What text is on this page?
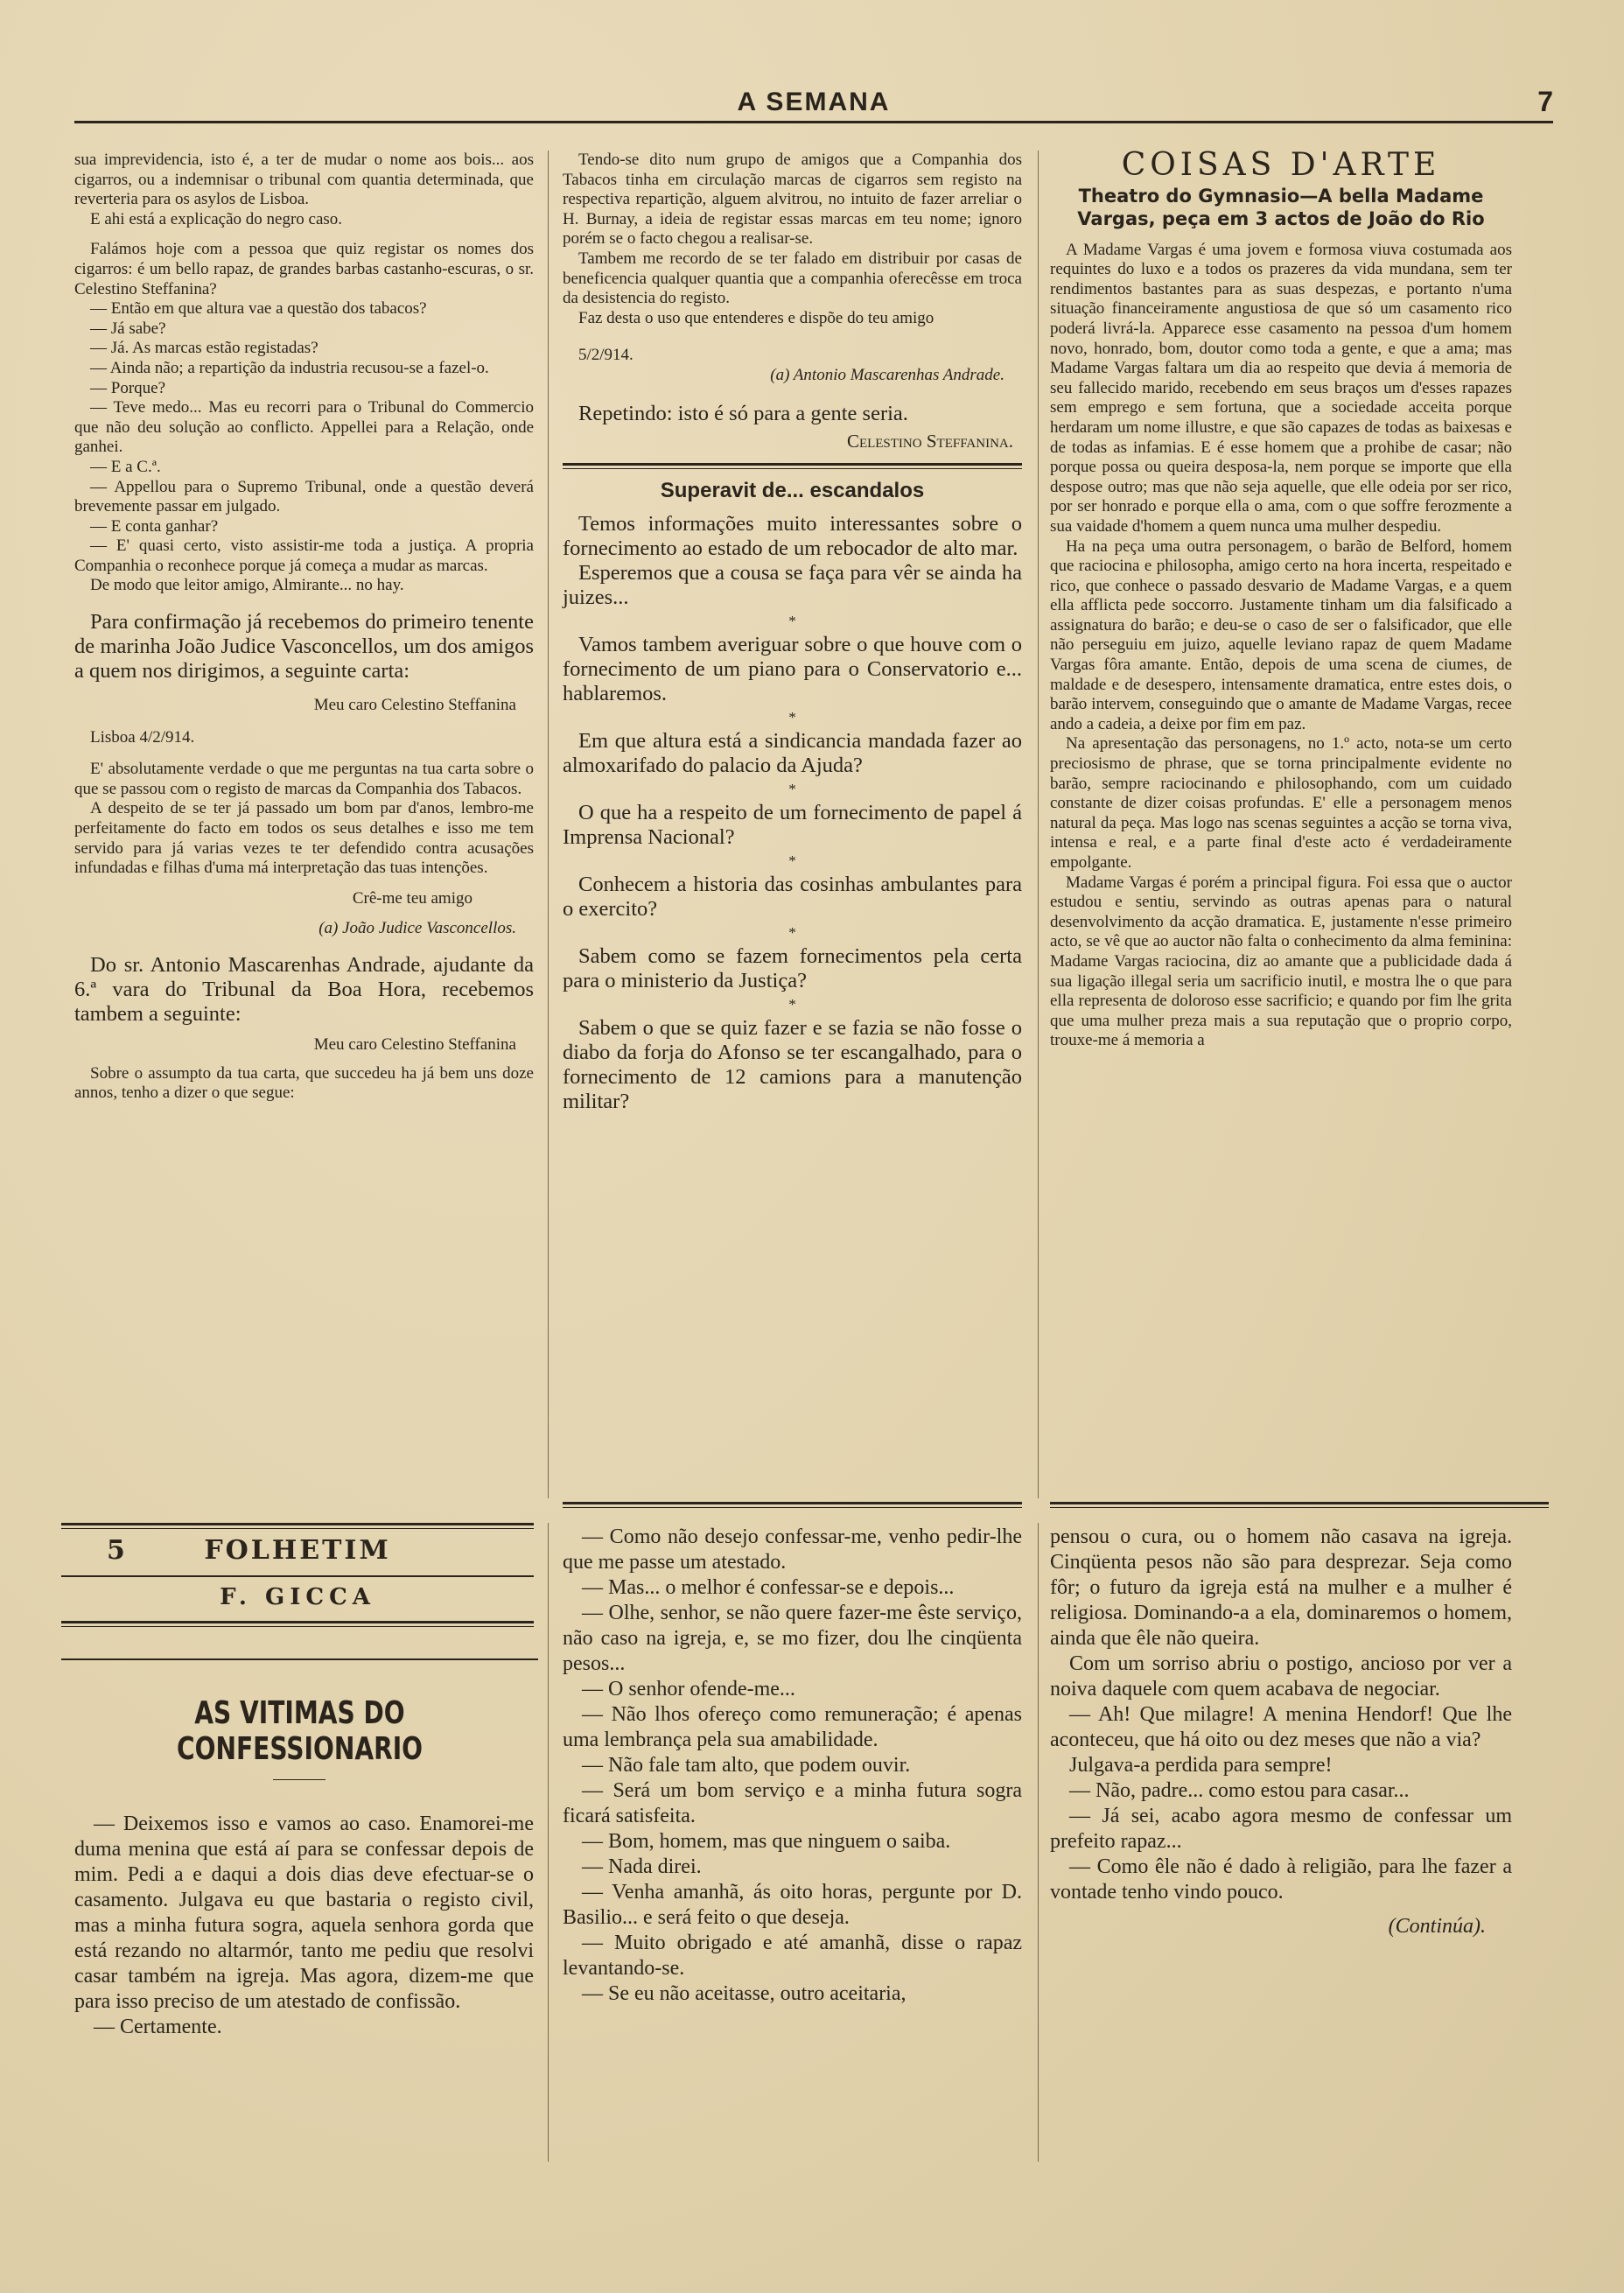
A SEMANA	7

sua imprevidencia, isto é, a ter de mudar o nome aos bois... aos cigarros, ou a indemnisar o tribunal com quantia determinada, que reverteria para os asylos de Lisboa.

E ahi está a explicação do negro caso.

Falámos hoje com a pessoa que quiz registar os nomes dos cigarros: é um bello rapaz, de grandes barbas castanho-escuras, o sr. Celestino Steffanina?

— Então em que altura vae a questão dos tabacos?

— Já sabe?

— Já. As marcas estão registadas?

— Ainda não; a repartição da industria recusou-se a fazel-o.

— Porque?

— Teve medo... Mas eu recorri para o Tribunal do Commercio que não deu solução ao conflicto. Appellei para a Relação, onde ganhei.

— E a C.ª.

— Appellou para o Supremo Tribunal, onde a questão deverá brevemente passar em julgado.

— E conta ganhar?

— E' quasi certo, visto assistir-me toda a justiça. A propria Companhia o reconhece porque já começa a mudar as marcas.

De modo que leitor amigo, Almirante... no hay.

Para confirmação já recebemos do primeiro tenente de marinha João Judice Vasconcellos, um dos amigos a quem nos dirigimos, a seguinte carta:

Meu caro Celestino Steffanina

Lisboa 4/2/914.

E' absolutamente verdade o que me perguntas na tua carta sobre o que se passou com o registo de marcas da Companhia dos Tabacos.

A despeito de se ter já passado um bom par d'anos, lembro-me perfeitamente do facto em todos os seus detalhes e isso me tem servido para já varias vezes te ter defendido contra acusações infundadas e filhas d'uma má interpretação das tuas intenções.

Crê-me teu amigo

(a) João Judice Vasconcellos.

Do sr. Antonio Mascarenhas Andrade, ajudante da 6.ª vara do Tribunal da Boa Hora, recebemos tambem a seguinte:

Meu caro Celestino Steffanina

Sobre o assumpto da tua carta, que succedeu ha já bem uns doze annos, tenho a dizer o que segue:

Tendo-se dito num grupo de amigos que a Companhia dos Tabacos tinha em circulação marcas de cigarros sem registo na respectiva repartição, alguem alvitrou, no intuito de fazer arreliar o H. Burnay, a ideia de registar essas marcas em teu nome; ignoro porém se o facto chegou a realisar-se.

Tambem me recordo de se ter falado em distribuir por casas de beneficencia qualquer quantia que a companhia oferecêsse em troca da desistencia do registo.

Faz desta o uso que entenderes e dispõe do teu amigo

5/2/914.

(a) Antonio Mascarenhas Andrade.

Repetindo: isto é só para a gente seria.

Celestino Steffanina.

Superavit de... escandalos

Temos informações muito interessantes sobre o fornecimento ao estado de um rebocador de alto mar.

Esperemos que a cousa se faça para vêr se ainda ha juizes...

*

Vamos tambem averiguar sobre o que houve com o fornecimento de um piano para o Conservatorio e... hablaremos.

*

Em que altura está a sindicancia mandada fazer ao almoxarifado do palacio da Ajuda?

*

O que ha a respeito de um fornecimento de papel á Imprensa Nacional?

*

Conhecem a historia das cosinhas ambulantes para o exercito?

*

Sabem como se fazem fornecimentos pela certa para o ministerio da Justiça?

*

Sabem o que se quiz fazer e se fazia se não fosse o diabo da forja do Afonso se ter escangalhado, para o fornecimento de 12 camions para a manutenção militar?

COISAS D'ARTE
Theatro do Gymnasio—A bella Madame Vargas, peça em 3 actos de João do Rio

A Madame Vargas é uma jovem e formosa viuva costumada aos requintes do luxo e a todos os prazeres da vida mundana, sem ter rendimentos bastantes para as suas despezas, e portanto n'uma situação financeiramente angustiosa de que só um casamento rico poderá livrá-la. Apparece esse casamento na pessoa d'um homem novo, honrado, bom, doutor como toda a gente, e que a ama; mas Madame Vargas faltara um dia ao respeito que devia á memoria de seu fallecido marido, recebendo em seus braços um d'esses rapazes sem emprego e sem fortuna, que a sociedade acceita porque herdaram um nome illustre, e que são capazes de todas as baixesas e de todas as infamias. E é esse homem que a prohibe de casar; não porque possa ou queira desposa-la, nem porque se importe que ella despose outro; mas que não seja aquelle, que elle odeia por ser rico, por ser honrado e porque ella o ama, com o que soffre ferozmente a sua vaidade d'homem a quem nunca uma mulher despediu.

Ha na peça uma outra personagem, o barão de Belford, homem que raciocina e philosopha, amigo certo na hora incerta, respeitado e rico, que conhece o passado desvario de Madame Vargas, e a quem ella afflicta pede soccorro. Justamente tinham um dia falsificado a assignatura do barão; e deu-se o caso de ser o falsificador, que elle não perseguiu em juizo, aquelle leviano rapaz de quem Madame Vargas fôra amante. Então, depois de uma scena de ciumes, de maldade e de desespero, intensamente dramatica, entre estes dois, o barão intervem, conseguindo que o amante de Madame Vargas, recee ando a cadeia, a deixe por fim em paz.

Na apresentação das personagens, no 1.º acto, nota-se um certo preciosismo de phrase, que se torna principalmente evidente no barão, sempre raciocinando e philosophando, com um cuidado constante de dizer coisas profundas. E' elle a personagem menos natural da peça. Mas logo nas scenas seguintes a acção se torna viva, intensa e real, e a parte final d'este acto é verdadeiramente empolgante.

Madame Vargas é porém a principal figura. Foi essa que o auctor estudou e sentiu, servindo as outras apenas para o natural desenvolvimento da acção dramatica. E, justamente n'esse primeiro acto, se vê que ao auctor não falta o conhecimento da alma feminina: Madame Vargas raciocina, diz ao amante que a publicidade dada á sua ligação illegal seria um sacrificio inutil, e mostra lhe o que para ella representa de doloroso esse sacrificio; e quando por fim lhe grita que uma mulher preza mais a sua reputação que o proprio corpo, trouxe-me á memoria a

5	FOLHETIM
F. GICCA
AS VITIMAS DO CONFESSIONARIO

— Deixemos isso e vamos ao caso. Enamorei-me duma menina que está aí para se confessar depois de mim. Pedi a e daqui a dois dias deve efectuar-se o casamento. Julgava eu que bastaria o registo civil, mas a minha futura sogra, aquela senhora gorda que está rezando no altarmór, tanto me pediu que resolvi casar também na igreja. Mas agora, dizem-me que para isso preciso de um atestado de confissão.

— Certamente.

— Como não desejo confessar-me, venho pedir-lhe que me passe um atestado.

— Mas... o melhor é confessar-se e depois...

— Olhe, senhor, se não quere fazer-me êste serviço, não caso na igreja, e, se mo fizer, dou lhe cinqüenta pesos...

— O senhor ofende-me...

— Não lhos ofereço como remuneração; é apenas uma lembrança pela sua amabilidade.

— Não fale tam alto, que podem ouvir.

— Será um bom serviço e a minha futura sogra ficará satisfeita.

— Bom, homem, mas que ninguem o saiba.

— Nada direi.

— Venha amanhã, ás oito horas, pergunte por D. Basilio... e será feito o que deseja.

— Muito obrigado e até amanhã, disse o rapaz levantando-se.

— Se eu não aceitasse, outro aceitaria,

pensou o cura, ou o homem não casava na igreja. Cinqüenta pesos não são para desprezar. Seja como fôr; o futuro da igreja está na mulher e a mulher é religiosa. Dominando-a a ela, dominaremos o homem, ainda que êle não queira.

Com um sorriso abriu o postigo, ancioso por ver a noiva daquele com quem acabava de negociar.

— Ah! Que milagre! A menina Hendorf! Que lhe aconteceu, que há oito ou dez meses que não a via?

Julgava-a perdida para sempre!

— Não, padre... como estou para casar...

— Já sei, acabo agora mesmo de confessar um prefeito rapaz...

— Como êle não é dado à religião, para lhe fazer a vontade tenho vindo pouco.

(Continúa).
